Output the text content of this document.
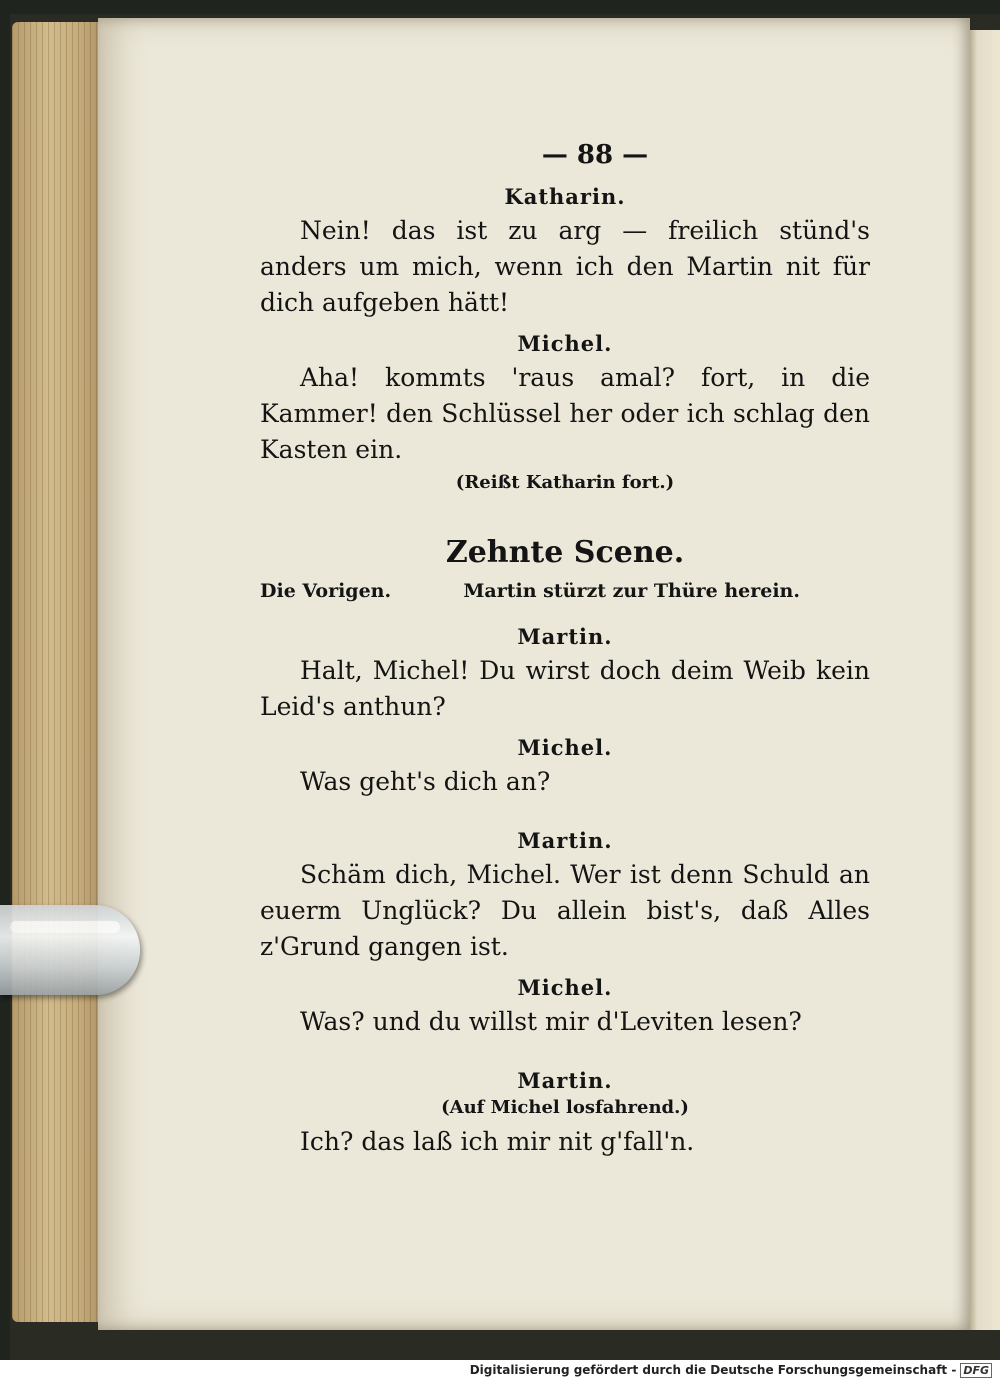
— 88 —
Katharin.

Nein! das ist zu arg — freilich stünd's anders um mich, wenn ich den Martin nit für dich aufgeben hätt!

Michel.

Aha! kommts 'raus amal? fort, in die Kammer! den Schlüssel her oder ich schlag den Kasten ein.

(Reißt Katharin fort.)
Zehnte Scene.
Die Vorigen.	Martin stürzt zur Thüre herein.
Martin.

Halt, Michel! Du wirst doch deim Weib kein Leid's anthun?

Michel.

Was geht's dich an?

Martin.

Schäm dich, Michel. Wer ist denn Schuld an euerm Unglück? Du allein bist's, daß Alles z'Grund gangen ist.

Michel.

Was? und du willst mir d'Leviten lesen?

Martin.
(Auf Michel losfahrend.)

Ich? das laß ich mir nit g'fall'n.

Digitalisierung gefördert durch die Deutsche Forschungsgemeinschaft - DFG
